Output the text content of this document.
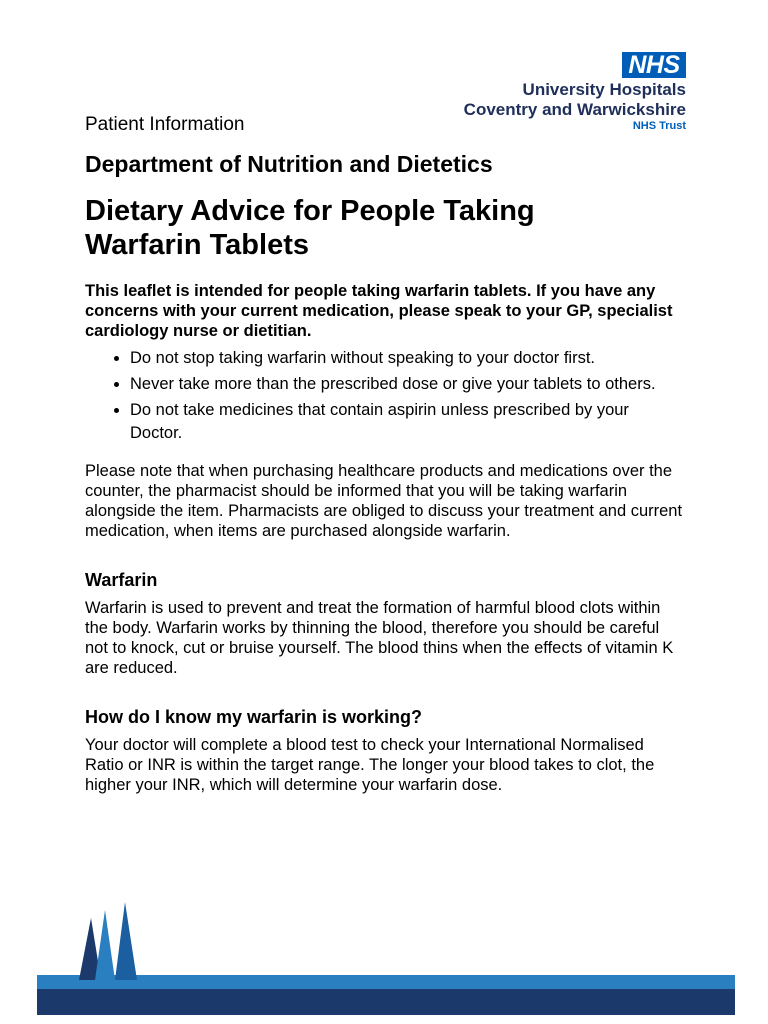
NHS
University Hospitals
Coventry and Warwickshire
NHS Trust
Patient Information
Department of Nutrition and Dietetics
Dietary Advice for People Taking
Warfarin Tablets

This leaflet is intended for people taking warfarin tablets. If you have any concerns with your current medication, please speak to your GP, specialist cardiology nurse or dietitian.

• Do not stop taking warfarin without speaking to your doctor first.
• Never take more than the prescribed dose or give your tablets to others.
• Do not take medicines that contain aspirin unless prescribed by your Doctor.

Please note that when purchasing healthcare products and medications over the counter, the pharmacist should be informed that you will be taking warfarin alongside the item. Pharmacists are obliged to discuss your treatment and current medication, when items are purchased alongside warfarin.

Warfarin

Warfarin is used to prevent and treat the formation of harmful blood clots within the body. Warfarin works by thinning the blood, therefore you should be careful not to knock, cut or bruise yourself. The blood thins when the effects of vitamin K are reduced.

How do I know my warfarin is working?

Your doctor will complete a blood test to check your International Normalised Ratio or INR is within the target range. The longer your blood takes to clot, the higher your INR, which will determine your warfarin dose.
